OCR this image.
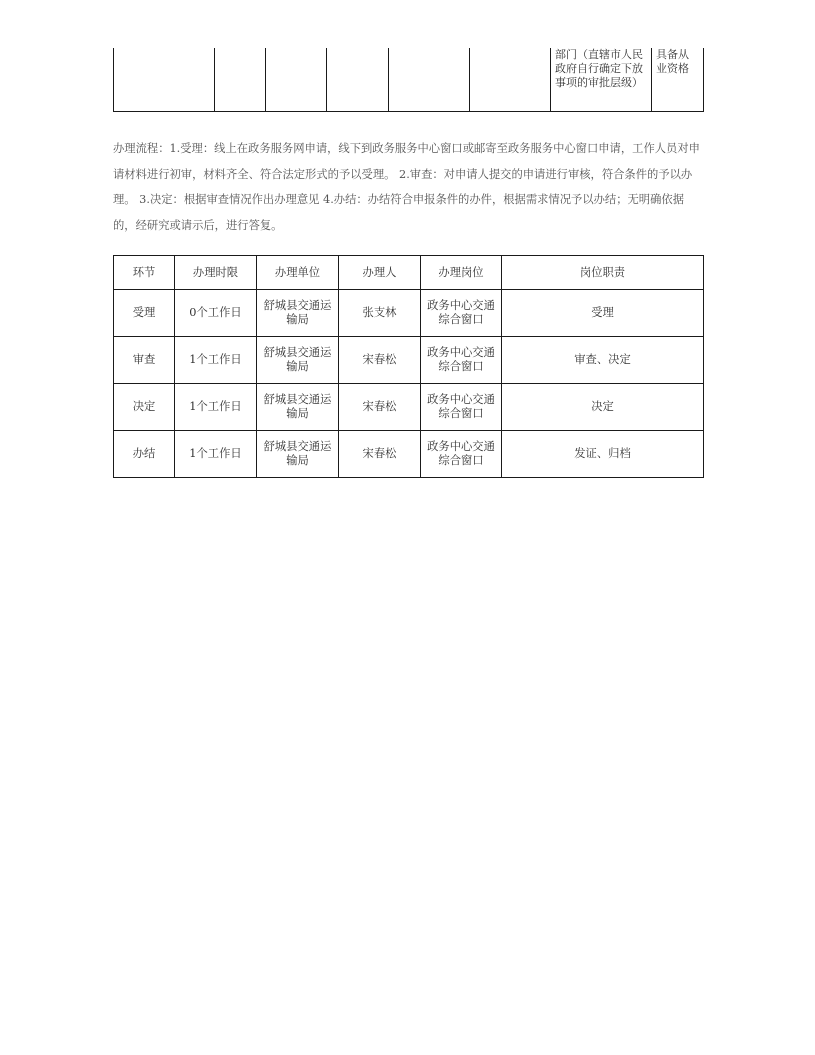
						部门（直辖市人民政府自行确定下放事项的审批层级）	具备从业资格

办理流程：1.受理：线上在政务服务网申请，线下到政务服务中心窗口或邮寄至政务服务中心窗口申请，工作人员对申请材料进行初审，材料齐全、符合法定形式的予以受理。 2.审查：对申请人提交的申请进行审核，符合条件的予以办理。 3.决定：根据审查情况作出办理意见 4.办结：办结符合申报条件的办件，根据需求情况予以办结；无明确依据的，经研究或请示后，进行答复。

环节	办理时限	办理单位	办理人	办理岗位	岗位职责
受理	0个工作日	舒城县交通运输局	张支林	政务中心交通综合窗口	受理
审查	1个工作日	舒城县交通运输局	宋春松	政务中心交通综合窗口	审查、决定
决定	1个工作日	舒城县交通运输局	宋春松	政务中心交通综合窗口	决定
办结	1个工作日	舒城县交通运输局	宋春松	政务中心交通综合窗口	发证、归档
